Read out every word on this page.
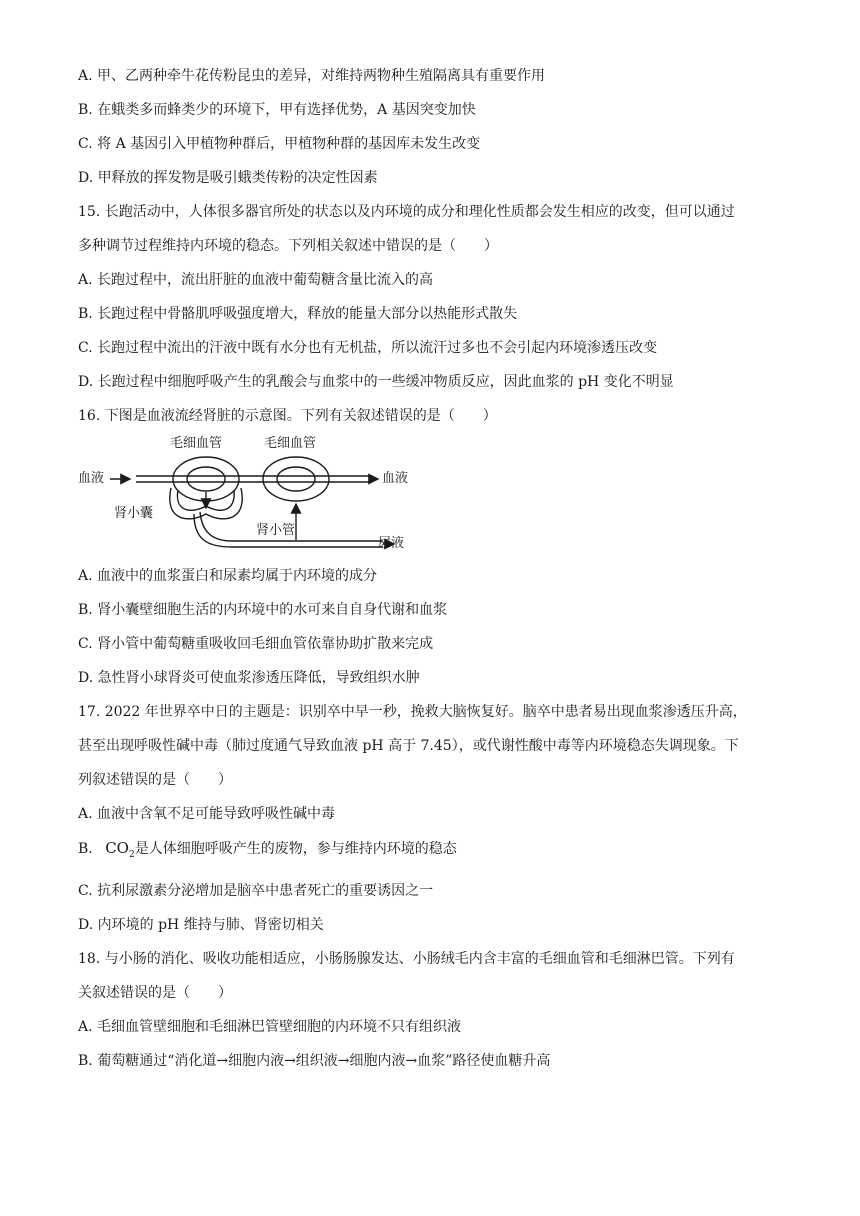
A. 甲、乙两种牵牛花传粉昆虫的差异，对维持两物种生殖隔离具有重要作用

B. 在蛾类多而蜂类少的环境下，甲有选择优势，A 基因突变加快

C. 将 A 基因引入甲植物种群后，甲植物种群的基因库未发生改变

D. 甲释放的挥发物是吸引蛾类传粉的决定性因素

15. 长跑活动中，人体很多器官所处的状态以及内环境的成分和理化性质都会发生相应的改变，但可以通过

多种调节过程维持内环境的稳态。下列相关叙述中错误的是（　　）

A. 长跑过程中，流出肝脏的血液中葡萄糖含量比流入的高

B. 长跑过程中骨骼肌呼吸强度增大，释放的能量大部分以热能形式散失

C. 长跑过程中流出的汗液中既有水分也有无机盐，所以流汗过多也不会引起内环境渗透压改变

D. 长跑过程中细胞呼吸产生的乳酸会与血浆中的一些缓冲物质反应，因此血浆的 pH 变化不明显

16. 下图是血液流经肾脏的示意图。下列有关叙述错误的是（　　）

毛细血管	毛细血管
血液	血液
肾小囊
肾小管
尿液

A. 血液中的血浆蛋白和尿素均属于内环境的成分

B. 肾小囊壁细胞生活的内环境中的水可来自自身代谢和血浆

C. 肾小管中葡萄糖重吸收回毛细血管依靠协助扩散来完成

D. 急性肾小球肾炎可使血浆渗透压降低，导致组织水肿

17. 2022 年世界卒中日的主题是：识别卒中早一秒，挽救大脑恢复好。脑卒中患者易出现血浆渗透压升高，

甚至出现呼吸性碱中毒（肺过度通气导致血液 pH 高于 7.45），或代谢性酸中毒等内环境稳态失调现象。下

列叙述错误的是（　　）

A. 血液中含氧不足可能导致呼吸性碱中毒

B. $CO_2$是人体细胞呼吸产生的废物，参与维持内环境的稳态

C. 抗利尿激素分泌增加是脑卒中患者死亡的重要诱因之一

D. 内环境的 pH 维持与肺、肾密切相关

18. 与小肠的消化、吸收功能相适应，小肠肠腺发达、小肠绒毛内含丰富的毛细血管和毛细淋巴管。下列有

关叙述错误的是（　　）

A. 毛细血管壁细胞和毛细淋巴管壁细胞的内环境不只有组织液

B. 葡萄糖通过“消化道→细胞内液→组织液→细胞内液→血浆”路径使血糖升高
